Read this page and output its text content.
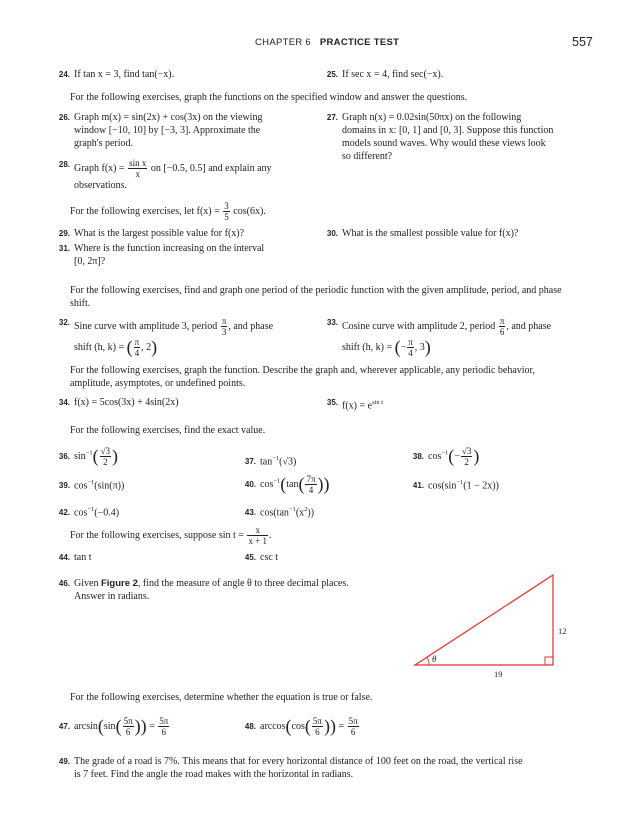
CHAPTER 6 PRACTICE TEST	557
24. If tan x = 3, find tan(−x).	25. If sec x = 4, find sec(−x).
For the following exercises, graph the functions on the specified window and answer the questions.
26. Graph m(x) = sin(2x) + cos(3x) on the viewing
window [−10, 10] by [−3, 3]. Approximate the
graph's period.
27. Graph n(x) = 0.02sin(50πx) on the following
domains in x: [0, 1] and [0, 3]. Suppose this function
models sound waves. Why would these views look
so different?
28. Graph $f(x) = \frac{\text{sin x}}{x}$ on [−0.5, 0.5] and explain any
observations.
For the following exercises, let $f(x) = \frac{3}{5} \cos(6x)$.
29. What is the largest possible value for f(x)?	30. What is the smallest possible value for f(x)?
31. Where is the function increasing on the interval
[0, 2π]?
For the following exercises, find and graph one period of the periodic function with the given amplitude, period, and phase shift.
32. Sine curve with amplitude 3, period $\frac{\pi}{3}$ , and phase
shift (h, k) = ( $\frac{\pi}{4}$ , 2)
33. Cosine curve with amplitude 2, period $\frac{\pi}{6}$ , and phase
shift (h, k) = (− $\frac{\pi}{4}$ , 3)
For the following exercises, graph the function. Describe the graph and, wherever applicable, any periodic behavior, amplitude, asymptotes, or undefined points.
34. f(x) = 5cos(3x) + 4sin(2x)	35. $f(x) = e^{sin t}$
For the following exercises, find the exact value.
36. $\sin^{-1}( \frac{√3}{2}$ )	37. $\tan^{-1}(√3)$
38. $\cos^{-1}(- \frac{√3}{2}$ )
39. $\cos^{-1}(\sin(\pi))$	40. $\cos^{-1}(\tan( \frac{7\pi}{4}$ ))	41. $\cos(\sin^{-1}(1 - 2x))$
42. $\cos^{-1}(-0.4)$	43. $\cos(\tan^{-1}(x^2))$
For the following exercises, suppose $\sin t = \frac{x}{x + 1}$ .
44. tan t	45. csc t
46. Given Figure 2, find the measure of angle θ to three decimal places.
Answer in radians.
θ
12
19
For the following exercises, determine whether the equation is true or false.
47. $\arcsin(\sin( \frac{5\pi}{6}$ )) = $\frac{5\pi}{6}$	48. $\arccos(\cos( \frac{5\pi}{6}$ )) = $\frac{5\pi}{6}$
49. The grade of a road is 7%. This means that for every horizontal distance of 100 feet on the road, the vertical rise
is 7 feet. Find the angle the road makes with the horizontal in radians.
